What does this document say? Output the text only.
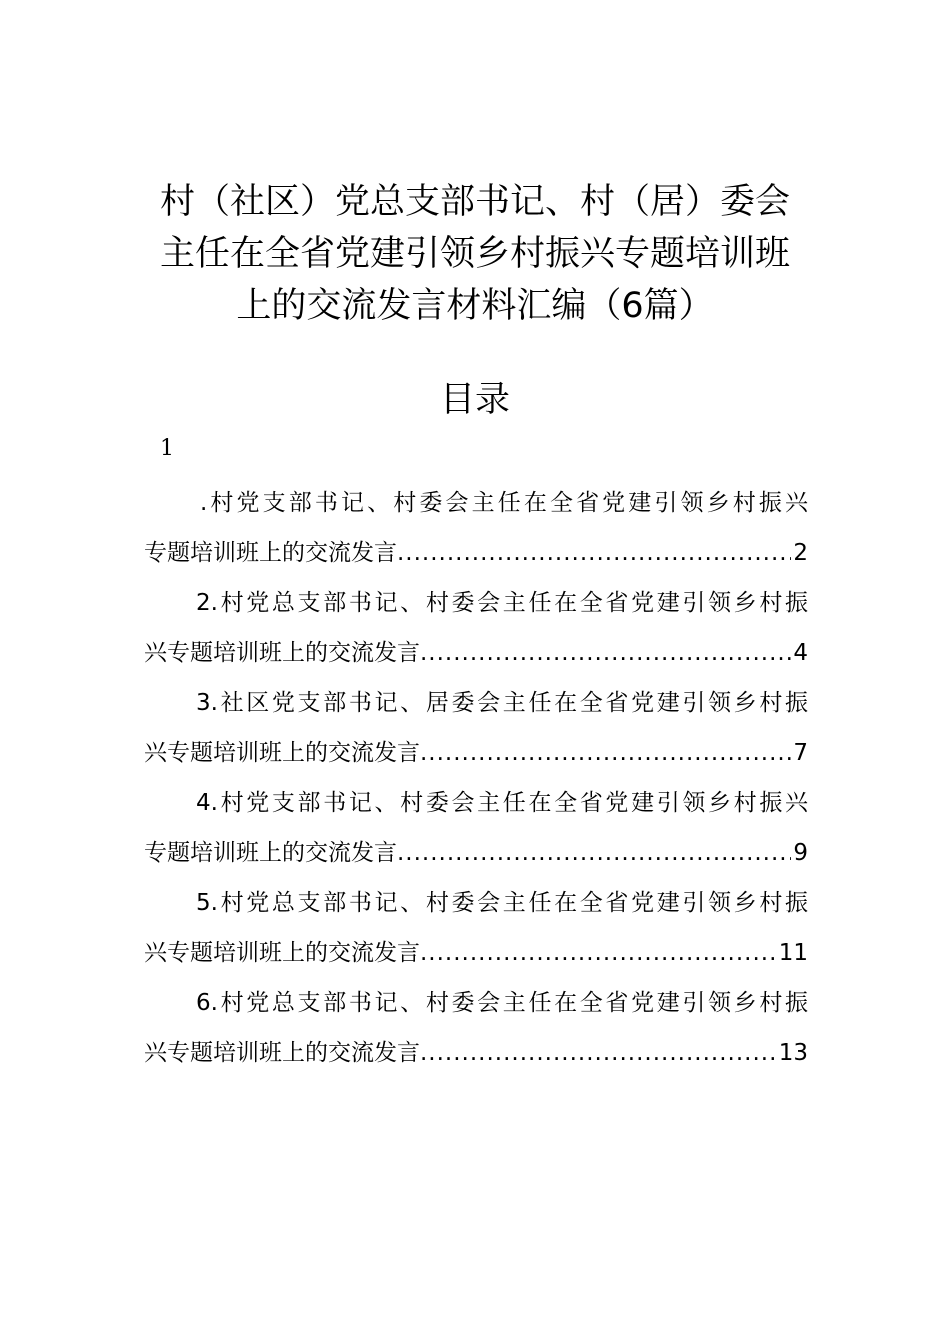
村（社区）党总支部书记、村（居）委会
主任在全省党建引领乡村振兴专题培训班
上的交流发言材料汇编（6篇）
目录
1
.村党支部书记、村委会主任在全省党建引领乡村振兴
专题培训班上的交流发言 .....	2
2.村党总支部书记、村委会主任在全省党建引领乡村振
兴专题培训班上的交流发言 .....	4
3.社区党支部书记、居委会主任在全省党建引领乡村振
兴专题培训班上的交流发言 .....	7
4.村党支部书记、村委会主任在全省党建引领乡村振兴
专题培训班上的交流发言 .....	9
5.村党总支部书记、村委会主任在全省党建引领乡村振
兴专题培训班上的交流发言 .....	11
6.村党总支部书记、村委会主任在全省党建引领乡村振
兴专题培训班上的交流发言 .....	13
